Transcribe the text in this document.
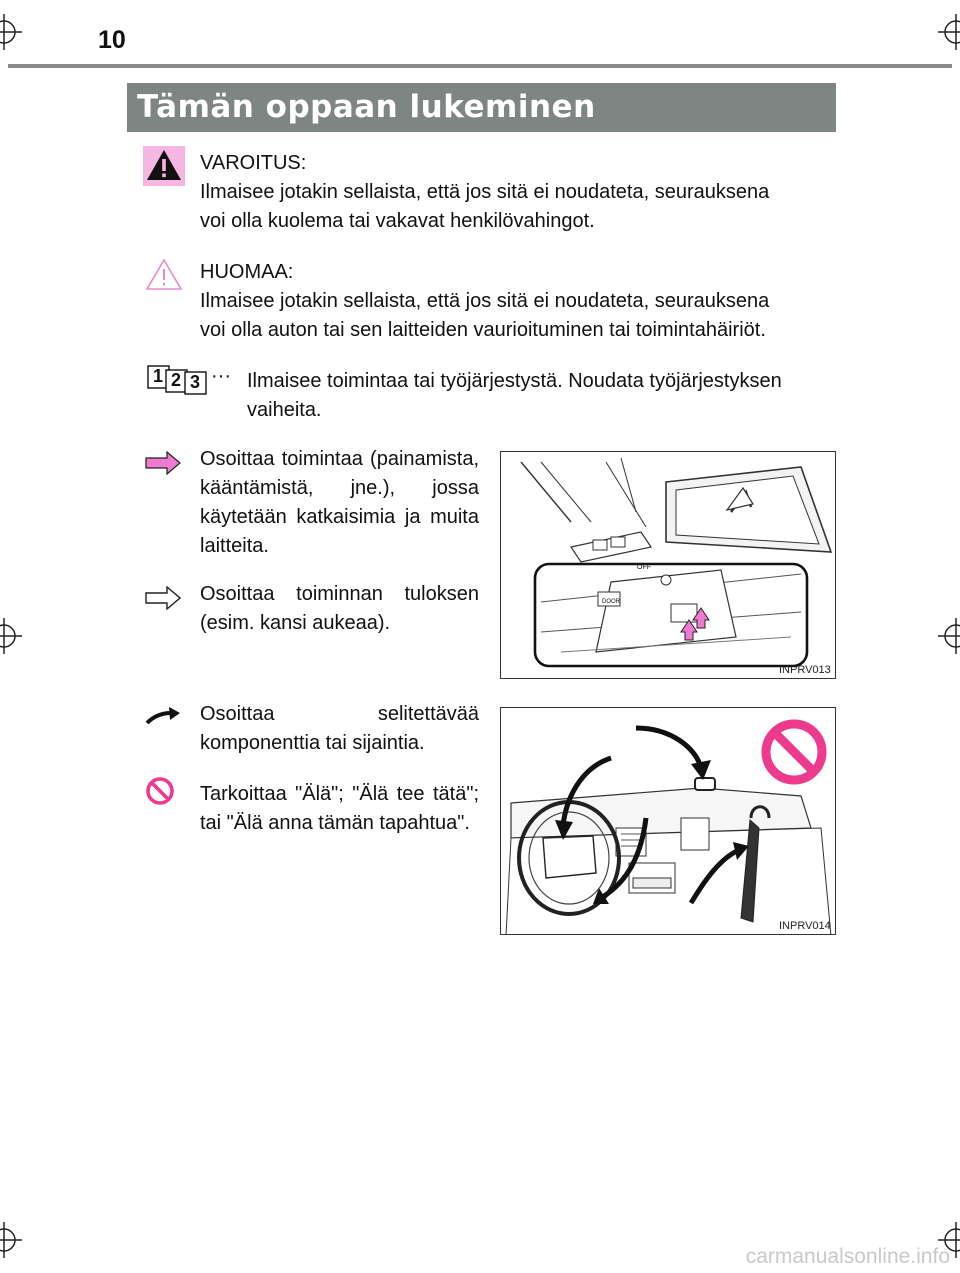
10
Tämän oppaan lukeminen
VAROITUS:
Ilmaisee jotakin sellaista, että jos sitä ei noudateta, seurauksena
voi olla kuolema tai vakavat henkilövahingot.
HUOMAA:
Ilmaisee jotakin sellaista, että jos sitä ei noudateta, seurauksena
voi olla auton tai sen laitteiden vaurioituminen tai toimintahäiriöt.
1 2 3 ··· Ilmaisee toimintaa tai työjärjestystä. Noudata työjärjestyksen
vaiheita.
Osoittaa toimintaa (painamista, kääntämistä, jne.), jossa käytetään katkaisimia ja muita laitteita.
Osoittaa toiminnan tuloksen (esim. kansi aukeaa).
OFF
DOOR
INPRV013
Osoittaa selitettävää komponenttia tai sijaintia.
Tarkoittaa "Älä"; "Älä tee tätä"; tai "Älä anna tämän tapahtua".
INPRV014
carmanualsonline.info
